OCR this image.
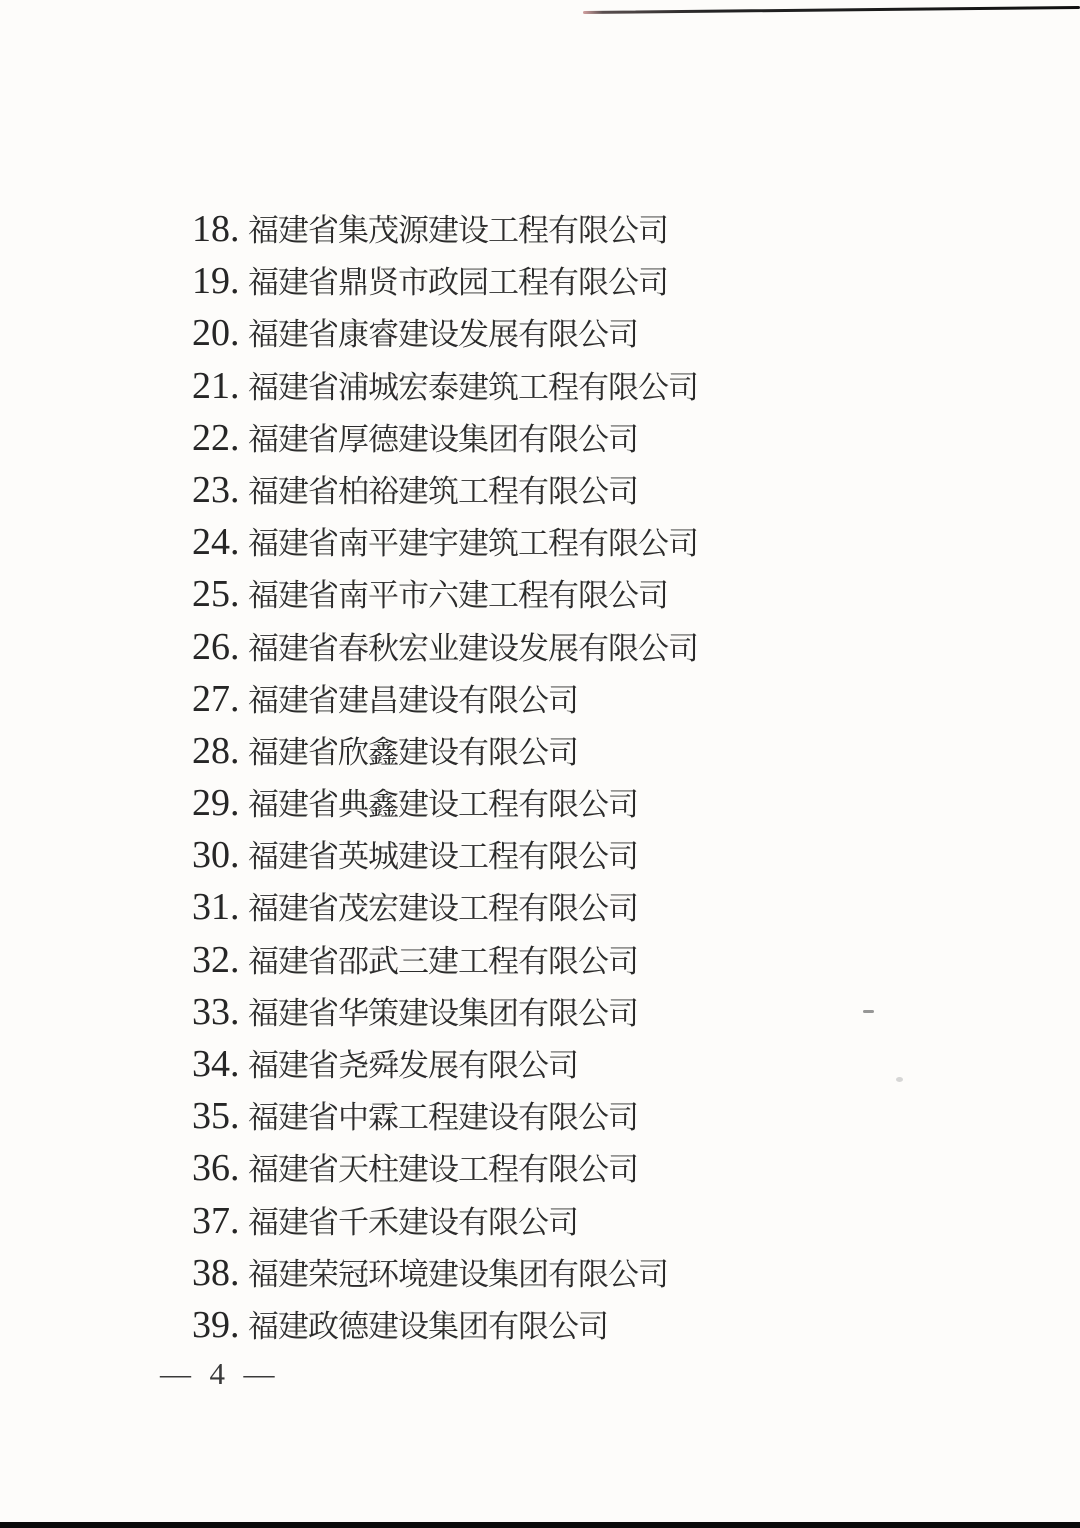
18. 福建省集茂源建设工程有限公司
19. 福建省鼎贤市政园工程有限公司
20. 福建省康睿建设发展有限公司
21. 福建省浦城宏泰建筑工程有限公司
22. 福建省厚德建设集团有限公司
23. 福建省柏裕建筑工程有限公司
24. 福建省南平建宇建筑工程有限公司
25. 福建省南平市六建工程有限公司
26. 福建省春秋宏业建设发展有限公司
27. 福建省建昌建设有限公司
28. 福建省欣鑫建设有限公司
29. 福建省典鑫建设工程有限公司
30. 福建省英城建设工程有限公司
31. 福建省茂宏建设工程有限公司
32. 福建省邵武三建工程有限公司
33. 福建省华策建设集团有限公司
34. 福建省尧舜发展有限公司
35. 福建省中霖工程建设有限公司
36. 福建省天柱建设工程有限公司
37. 福建省千禾建设有限公司
38. 福建荣冠环境建设集团有限公司
39. 福建政德建设集团有限公司
—  4  —
